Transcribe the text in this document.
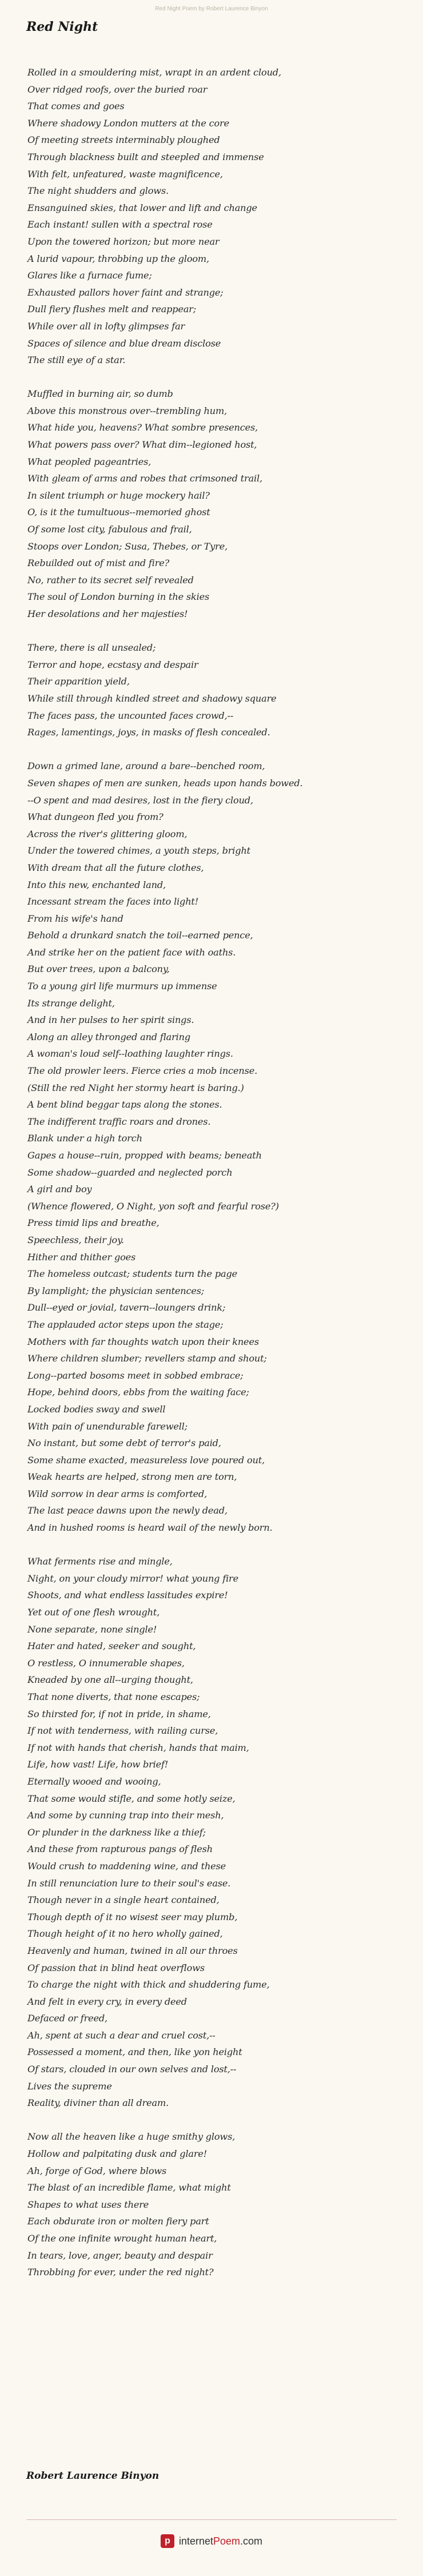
Red Night Poem by Robert Laurence Binyon
Red Night
Rolled in a smouldering mist, wrapt in an ardent cloud,
Over ridged roofs, over the buried roar
That comes and goes
Where shadowy London mutters at the core
Of meeting streets interminably ploughed
Through blackness built and steepled and immense
With felt, unfeatured, waste magnificence,
The night shudders and glows.
Ensanguined skies, that lower and lift and change
Each instant! sullen with a spectral rose
Upon the towered horizon; but more near
A lurid vapour, throbbing up the gloom,
Glares like a furnace fume;
Exhausted pallors hover faint and strange;
Dull fiery flushes melt and reappear;
While over all in lofty glimpses far
Spaces of silence and blue dream disclose
The still eye of a star.
Muffled in burning air, so dumb
Above this monstrous over--trembling hum,
What hide you, heavens? What sombre presences,
What powers pass over? What dim--legioned host,
What peopled pageantries,
With gleam of arms and robes that crimsoned trail,
In silent triumph or huge mockery hail?
O, is it the tumultuous--memoried ghost
Of some lost city, fabulous and frail,
Stoops over London; Susa, Thebes, or Tyre,
Rebuilded out of mist and fire?
No, rather to its secret self revealed
The soul of London burning in the skies
Her desolations and her majesties!
There, there is all unsealed;
Terror and hope, ecstasy and despair
Their apparition yield,
While still through kindled street and shadowy square
The faces pass, the uncounted faces crowd,--
Rages, lamentings, joys, in masks of flesh concealed.
Down a grimed lane, around a bare--benched room,
Seven shapes of men are sunken, heads upon hands bowed.
--O spent and mad desires, lost in the fiery cloud,
What dungeon fled you from?
Across the river's glittering gloom,
Under the towered chimes, a youth steps, bright
With dream that all the future clothes,
Into this new, enchanted land,
Incessant stream the faces into light!
From his wife's hand
Behold a drunkard snatch the toil--earned pence,
And strike her on the patient face with oaths.
But over trees, upon a balcony,
To a young girl life murmurs up immense
Its strange delight,
And in her pulses to her spirit sings.
Along an alley thronged and flaring
A woman's loud self--loathing laughter rings.
The old prowler leers. Fierce cries a mob incense.
(Still the red Night her stormy heart is baring.)
A bent blind beggar taps along the stones.
The indifferent traffic roars and drones.
Blank under a high torch
Gapes a house--ruin, propped with beams; beneath
Some shadow--guarded and neglected porch
A girl and boy
(Whence flowered, O Night, yon soft and fearful rose?)
Press timid lips and breathe,
Speechless, their joy.
Hither and thither goes
The homeless outcast; students turn the page
By lamplight; the physician sentences;
Dull--eyed or jovial, tavern--loungers drink;
The applauded actor steps upon the stage;
Mothers with far thoughts watch upon their knees
Where children slumber; revellers stamp and shout;
Long--parted bosoms meet in sobbed embrace;
Hope, behind doors, ebbs from the waiting face;
Locked bodies sway and swell
With pain of unendurable farewell;
No instant, but some debt of terror's paid,
Some shame exacted, measureless love poured out,
Weak hearts are helped, strong men are torn,
Wild sorrow in dear arms is comforted,
The last peace dawns upon the newly dead,
And in hushed rooms is heard wail of the newly born.
What ferments rise and mingle,
Night, on your cloudy mirror! what young fire
Shoots, and what endless lassitudes expire!
Yet out of one flesh wrought,
None separate, none single!
Hater and hated, seeker and sought,
O restless, O innumerable shapes,
Kneaded by one all--urging thought,
That none diverts, that none escapes;
So thirsted for, if not in pride, in shame,
If not with tenderness, with railing curse,
If not with hands that cherish, hands that maim,
Life, how vast! Life, how brief!
Eternally wooed and wooing,
That some would stifle, and some hotly seize,
And some by cunning trap into their mesh,
Or plunder in the darkness like a thief;
And these from rapturous pangs of flesh
Would crush to maddening wine, and these
In still renunciation lure to their soul's ease.
Though never in a single heart contained,
Though depth of it no wisest seer may plumb,
Though height of it no hero wholly gained,
Heavenly and human, twined in all our throes
Of passion that in blind heat overflows
To charge the night with thick and shuddering fume,
And felt in every cry, in every deed
Defaced or freed,
Ah, spent at such a dear and cruel cost,--
Possessed a moment, and then, like yon height
Of stars, clouded in our own selves and lost,--
Lives the supreme
Reality, diviner than all dream.
Now all the heaven like a huge smithy glows,
Hollow and palpitating dusk and glare!
Ah, forge of God, where blows
The blast of an incredible flame, what might
Shapes to what uses there
Each obdurate iron or molten fiery part
Of the one infinite wrought human heart,
In tears, love, anger, beauty and despair
Throbbing for ever, under the red night?
Robert Laurence Binyon
p internetPoem.com
